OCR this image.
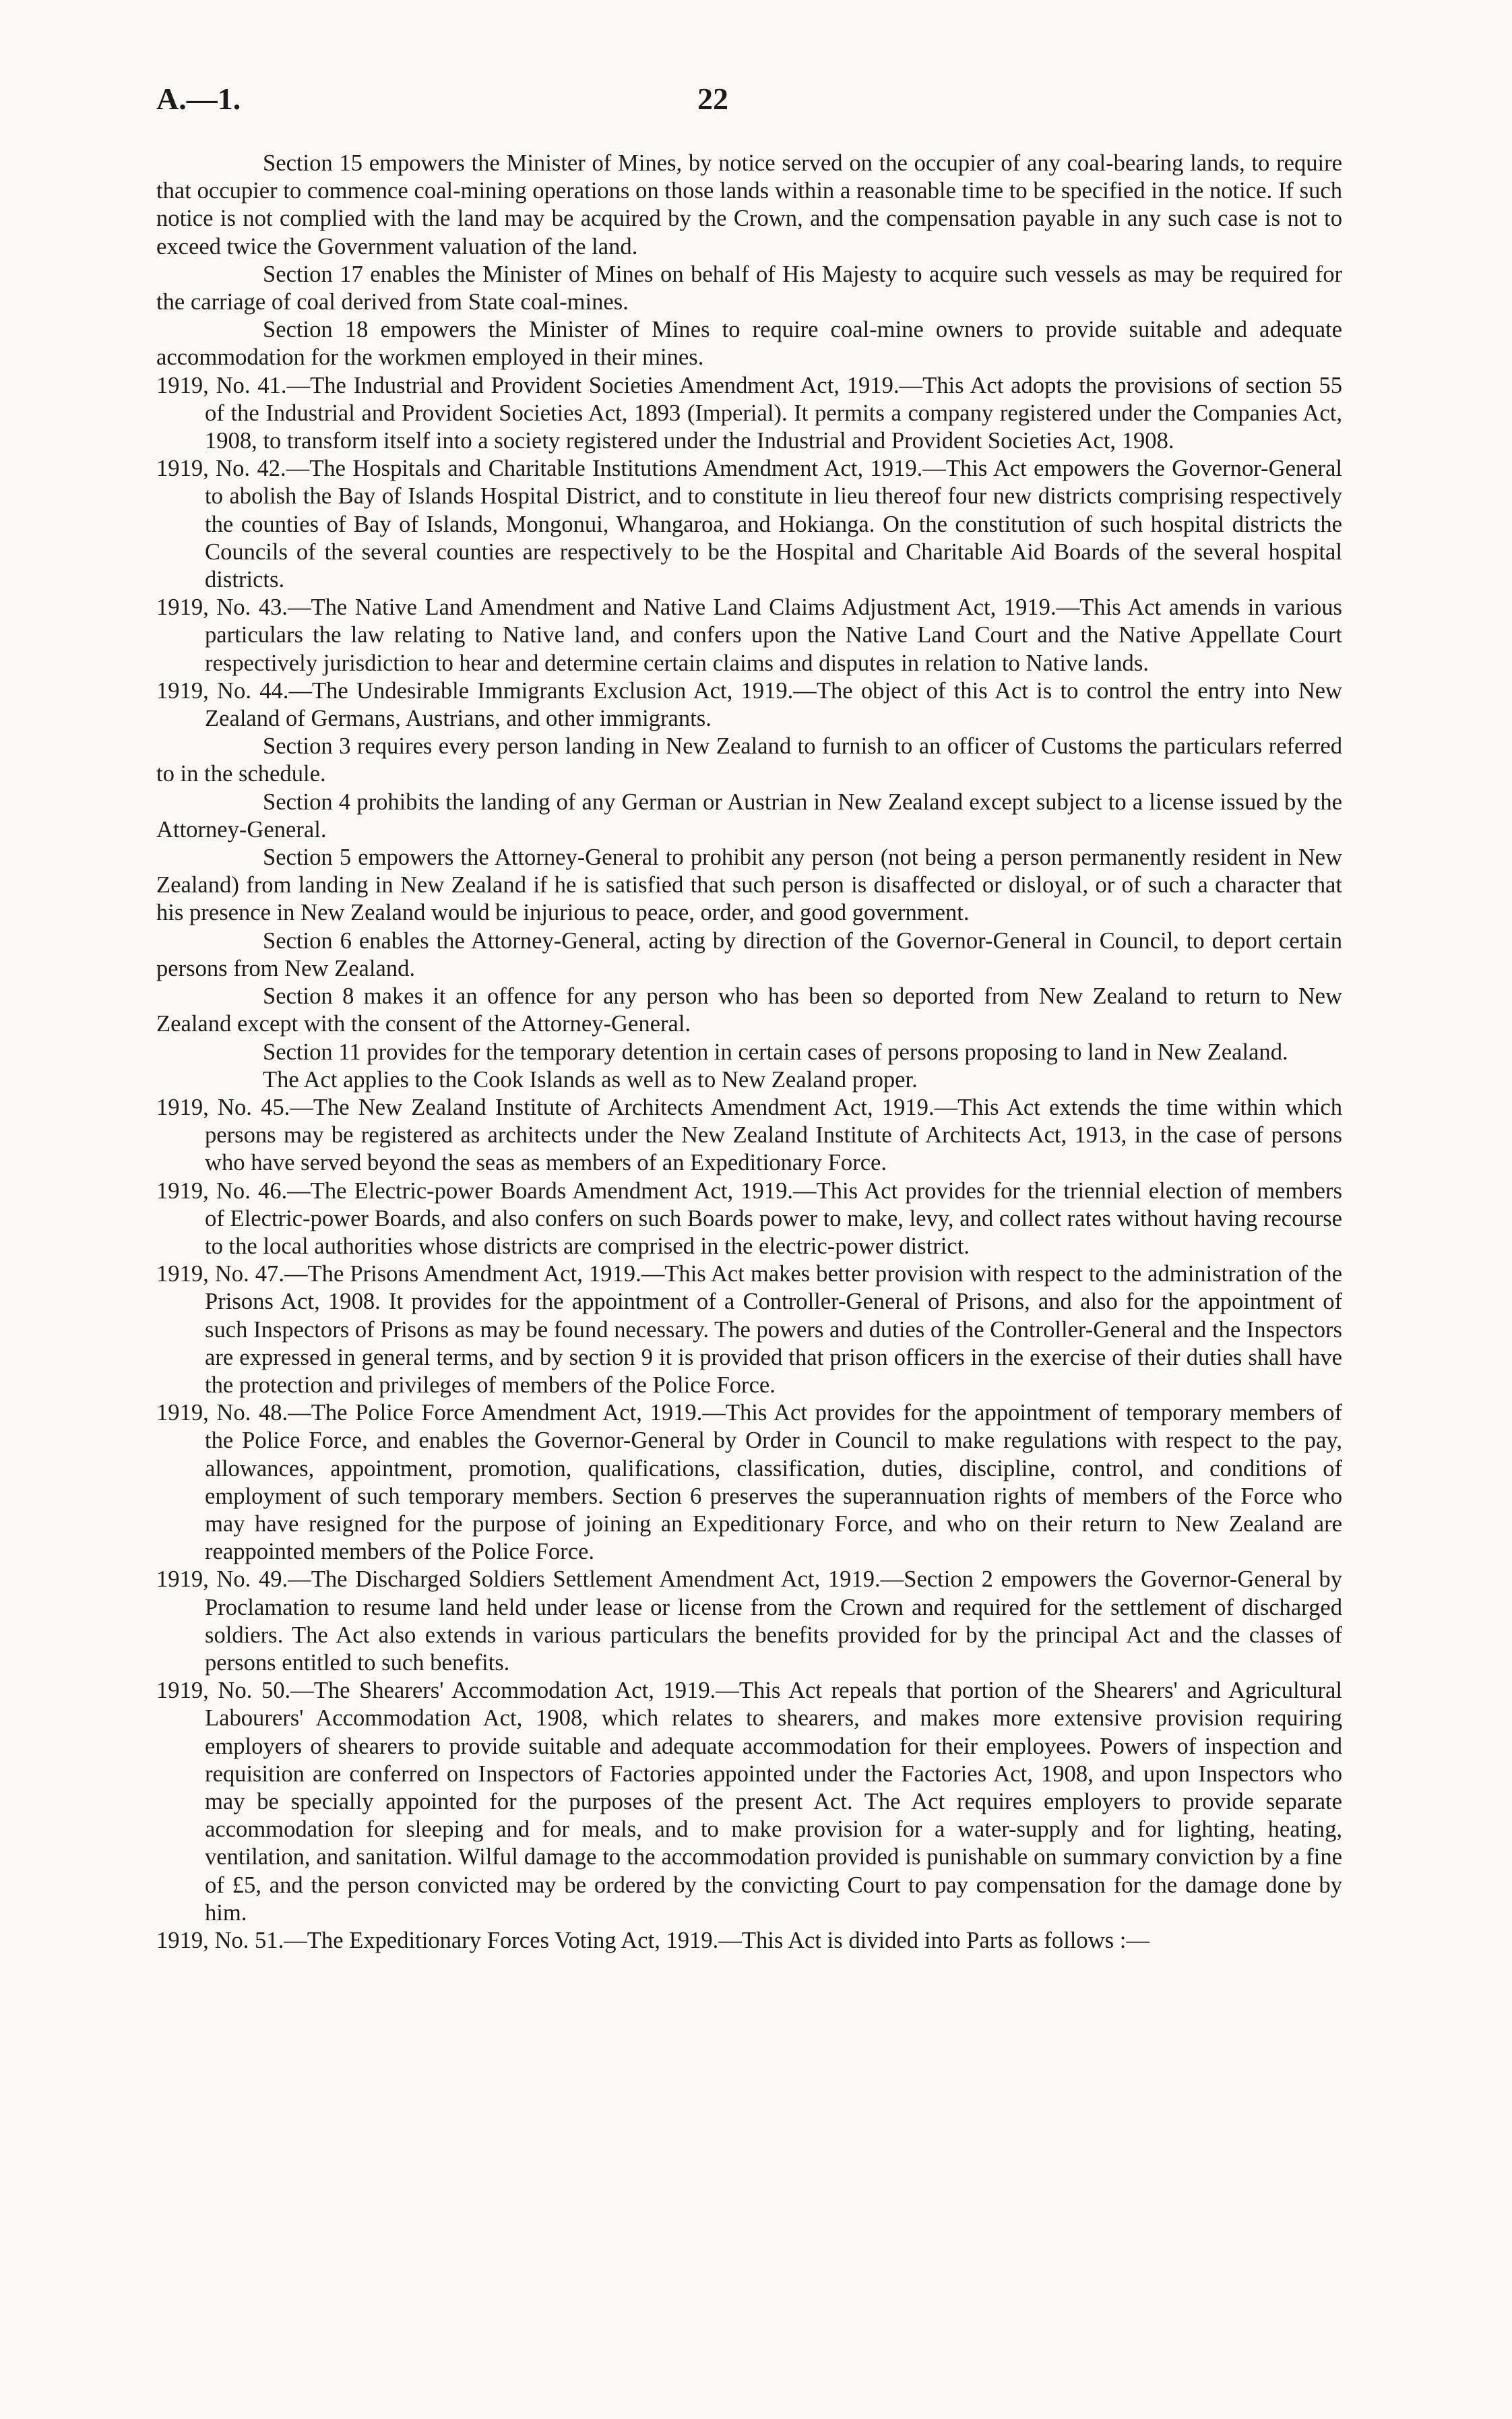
A.—1.	22

Section 15 empowers the Minister of Mines, by notice served on the occupier of any coal-bearing lands, to require that occupier to commence coal-mining operations on those lands within a reasonable time to be specified in the notice. If such notice is not complied with the land may be acquired by the Crown, and the compensation payable in any such case is not to exceed twice the Government valuation of the land.

Section 17 enables the Minister of Mines on behalf of His Majesty to acquire such vessels as may be required for the carriage of coal derived from State coal-mines.

Section 18 empowers the Minister of Mines to require coal-mine owners to provide suitable and adequate accommodation for the workmen employed in their mines.

1919, No. 41.—The Industrial and Provident Societies Amendment Act, 1919.—This Act adopts the provisions of section 55 of the Industrial and Provident Societies Act, 1893 (Imperial). It permits a company registered under the Companies Act, 1908, to transform itself into a society registered under the Industrial and Provident Societies Act, 1908.

1919, No. 42.—The Hospitals and Charitable Institutions Amendment Act, 1919.—This Act empowers the Governor-General to abolish the Bay of Islands Hospital District, and to constitute in lieu thereof four new districts comprising respectively the counties of Bay of Islands, Mongonui, Whangaroa, and Hokianga. On the constitution of such hospital districts the Councils of the several counties are respectively to be the Hospital and Charitable Aid Boards of the several hospital districts.

1919, No. 43.—The Native Land Amendment and Native Land Claims Adjustment Act, 1919.—This Act amends in various particulars the law relating to Native land, and confers upon the Native Land Court and the Native Appellate Court respectively jurisdiction to hear and determine certain claims and disputes in relation to Native lands.

1919, No. 44.—The Undesirable Immigrants Exclusion Act, 1919.—The object of this Act is to control the entry into New Zealand of Germans, Austrians, and other immigrants.

Section 3 requires every person landing in New Zealand to furnish to an officer of Customs the particulars referred to in the schedule.

Section 4 prohibits the landing of any German or Austrian in New Zealand except subject to a license issued by the Attorney-General.

Section 5 empowers the Attorney-General to prohibit any person (not being a person permanently resident in New Zealand) from landing in New Zealand if he is satisfied that such person is disaffected or disloyal, or of such a character that his presence in New Zealand would be injurious to peace, order, and good government.

Section 6 enables the Attorney-General, acting by direction of the Governor-General in Council, to deport certain persons from New Zealand.

Section 8 makes it an offence for any person who has been so deported from New Zealand to return to New Zealand except with the consent of the Attorney-General.

Section 11 provides for the temporary detention in certain cases of persons proposing to land in New Zealand.

The Act applies to the Cook Islands as well as to New Zealand proper.

1919, No. 45.—The New Zealand Institute of Architects Amendment Act, 1919.—This Act extends the time within which persons may be registered as architects under the New Zealand Institute of Architects Act, 1913, in the case of persons who have served beyond the seas as members of an Expeditionary Force.

1919, No. 46.—The Electric-power Boards Amendment Act, 1919.—This Act provides for the triennial election of members of Electric-power Boards, and also confers on such Boards power to make, levy, and collect rates without having recourse to the local authorities whose districts are comprised in the electric-power district.

1919, No. 47.—The Prisons Amendment Act, 1919.—This Act makes better provision with respect to the administration of the Prisons Act, 1908. It provides for the appointment of a Controller-General of Prisons, and also for the appointment of such Inspectors of Prisons as may be found necessary. The powers and duties of the Controller-General and the Inspectors are expressed in general terms, and by section 9 it is provided that prison officers in the exercise of their duties shall have the protection and privileges of members of the Police Force.

1919, No. 48.—The Police Force Amendment Act, 1919.—This Act provides for the appointment of temporary members of the Police Force, and enables the Governor-General by Order in Council to make regulations with respect to the pay, allowances, appointment, promotion, qualifications, classification, duties, discipline, control, and conditions of employment of such temporary members. Section 6 preserves the superannuation rights of members of the Force who may have resigned for the purpose of joining an Expeditionary Force, and who on their return to New Zealand are reappointed members of the Police Force.

1919, No. 49.—The Discharged Soldiers Settlement Amendment Act, 1919.—Section 2 empowers the Governor-General by Proclamation to resume land held under lease or license from the Crown and required for the settlement of discharged soldiers. The Act also extends in various particulars the benefits provided for by the principal Act and the classes of persons entitled to such benefits.

1919, No. 50.—The Shearers' Accommodation Act, 1919.—This Act repeals that portion of the Shearers' and Agricultural Labourers' Accommodation Act, 1908, which relates to shearers, and makes more extensive provision requiring employers of shearers to provide suitable and adequate accommodation for their employees. Powers of inspection and requisition are conferred on Inspectors of Factories appointed under the Factories Act, 1908, and upon Inspectors who may be specially appointed for the purposes of the present Act. The Act requires employers to provide separate accommodation for sleeping and for meals, and to make provision for a water-supply and for lighting, heating, ventilation, and sanitation. Wilful damage to the accommodation provided is punishable on summary conviction by a fine of £5, and the person convicted may be ordered by the convicting Court to pay compensation for the damage done by him.

1919, No. 51.—The Expeditionary Forces Voting Act, 1919.—This Act is divided into Parts as follows :—
